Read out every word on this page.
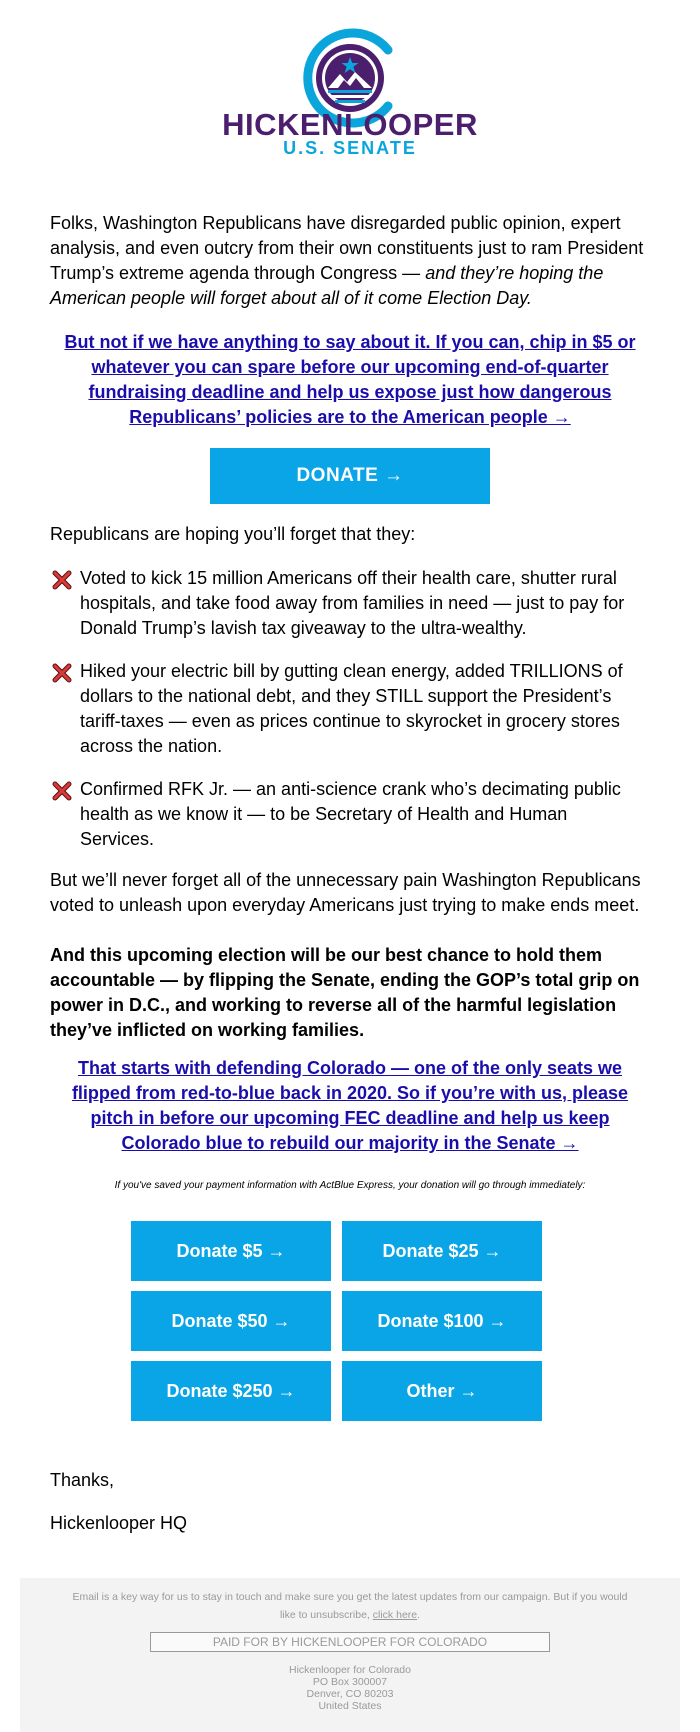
HICKENLOOPER
U.S. SENATE
Folks, Washington Republicans have disregarded public opinion, expert analysis, and even outcry from their own constituents just to ram President Trump’s extreme agenda through Congress — and they’re hoping the American people will forget about all of it come Election Day.
But not if we have anything to say about it. If you can, chip in $5 or whatever you can spare before our upcoming end-of-quarter fundraising deadline and help us expose just how dangerous Republicans’ policies are to the American people →
DONATE →
Republicans are hoping you’ll forget that they:
Voted to kick 15 million Americans off their health care, shutter rural hospitals, and take food away from families in need — just to pay for Donald Trump’s lavish tax giveaway to the ultra-wealthy.
Hiked your electric bill by gutting clean energy, added TRILLIONS of dollars to the national debt, and they STILL support the President’s tariff-taxes — even as prices continue to skyrocket in grocery stores across the nation.
Confirmed RFK Jr. — an anti-science crank who’s decimating public health as we know it — to be Secretary of Health and Human Services.
But we’ll never forget all of the unnecessary pain Washington Republicans voted to unleash upon everyday Americans just trying to make ends meet.
And this upcoming election will be our best chance to hold them accountable — by flipping the Senate, ending the GOP’s total grip on power in D.C., and working to reverse all of the harmful legislation they’ve inflicted on working families.
That starts with defending Colorado — one of the only seats we flipped from red-to-blue back in 2020. So if you’re with us, please pitch in before our upcoming FEC deadline and help us keep Colorado blue to rebuild our majority in the Senate →
If you've saved your payment information with ActBlue Express, your donation will go through immediately:
Donate $5 →	Donate $25 →
Donate $50 →	Donate $100 →
Donate $250 →	Other →
Thanks,
Hickenlooper HQ
Email is a key way for us to stay in touch and make sure you get the latest updates from our campaign. But if you would like to unsubscribe, click here.
PAID FOR BY HICKENLOOPER FOR COLORADO
Hickenlooper for Colorado
PO Box 300007
Denver, CO 80203
United States
